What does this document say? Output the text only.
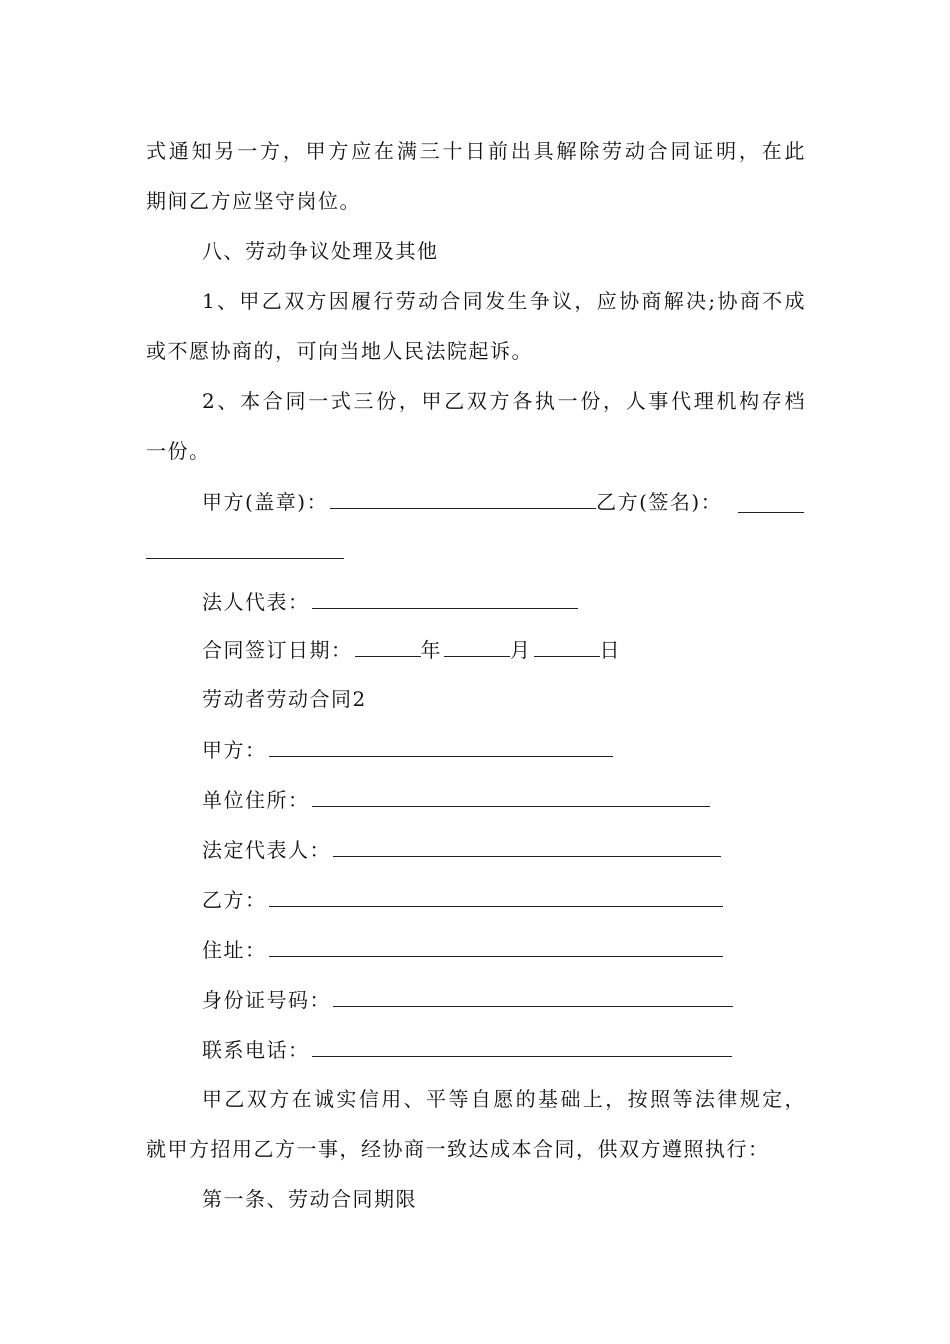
式通知另一方，甲方应在满三十日前出具解除劳动合同证明，在此
期间乙方应坚守岗位。
八、劳动争议处理及其他
1、甲乙双方因履行劳动合同发生争议，应协商解决;协商不成
或不愿协商的，可向当地人民法院起诉。
2、本合同一式三份，甲乙双方各执一份，人事代理机构存档
一份。
甲方(盖章)：	乙方(签名)：
法人代表：
合同签订日期：	年	月	日
劳动者劳动合同2
甲方：
单位住所：
法定代表人：
乙方：
住址：
身份证号码：
联系电话：
甲乙双方在诚实信用、平等自愿的基础上，按照等法律规定，
就甲方招用乙方一事，经协商一致达成本合同，供双方遵照执行：
第一条、劳动合同期限
